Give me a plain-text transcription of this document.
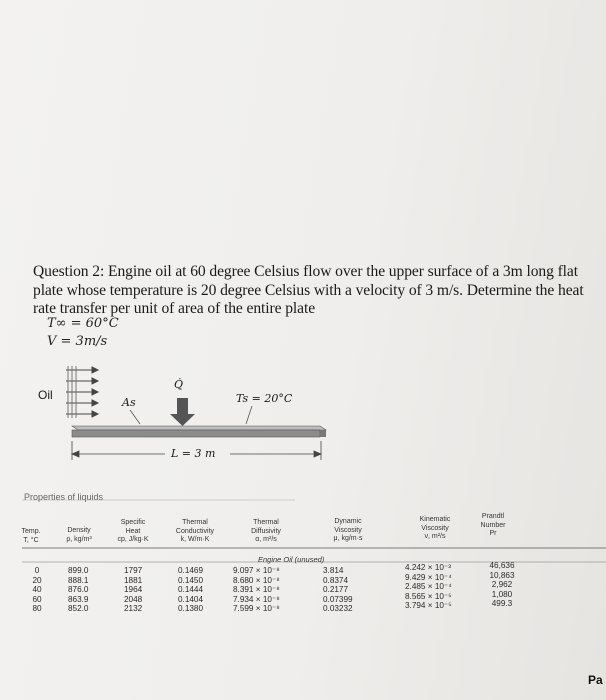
Question 2: Engine oil at 60 degree Celsius flow over the upper surface of a 3m long flat plate whose temperature is 20 degree Celsius with a velocity of 3 m/s. Determine the heat rate transfer per unit of area of the entire plate
T∞ = 60°C
V = 3m/s
Oil
As
Q̇
Ts = 20°C
L = 3 m
Properties of liquids
Temp.
T, °C
Density
ρ, kg/m³
Specific
Heat
cp, J/kg·K
Thermal
Conductivity
k, W/m·K
Thermal
Diffusivity
α, m²/s
Dynamic
Viscosity
μ, kg/m·s
Kinematic
Viscosity
ν, m²/s
Prandtl
Number
Pr
Engine Oil (unused)
0
20
40
60
80
899.0
888.1
876.0
863.9
852.0
1797
1881
1964
2048
2132
0.1469
0.1450
0.1444
0.1404
0.1380
9.097 × 10⁻⁸
8.680 × 10⁻⁸
8.391 × 10⁻⁸
7.934 × 10⁻⁸
7.599 × 10⁻⁸
3.814
0.8374
0.2177
0.07399
0.03232
4.242 × 10⁻³
9.429 × 10⁻⁴
2.485 × 10⁻⁴
8.565 × 10⁻⁵
3.794 × 10⁻⁵
46,636
10,863
2,962
1,080
499.3
Pa
